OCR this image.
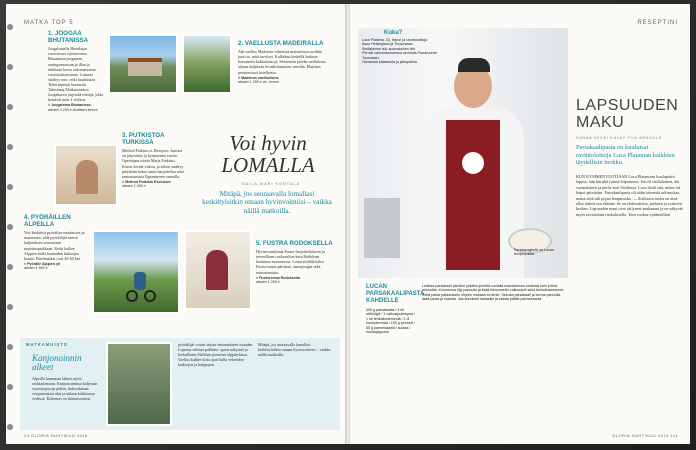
MATKA TOP 5
1. JOOGAA BHUTANISSA
Joogalomalla Himalajan vuoristossa sijaitsevassa Bhutanissa joogataan auringonnousun ja illan ja tutkitaan kuvia uskomattomia vuoristolmaisemia. Lomaan sisältyy mm. retki kuuluisaan Tiikerinpesän luostariin. Taktshang Matkatoimisto Joogakurssi järjestää reittejä, jotka kestävät noin 2 viikkoa.
> Joogaloma Bhutanissa
alkaen 3 250 e sisältäen lennot
2. VAELLUSTA MADEIRALLA
Alti-vaellus Madeiran vehreissä maisemissa on ehkä juuri se, mitä tarvitset. Kulkekaa keskellä laakson kasvaneita kukkaloistoja. Seitsemän päivän vaelluksen aikana kuljetaan levada-kanavien varrella. Majoitus perinteisissä hotelleissa.
> Madeiran vaellusloma
alkaen 1 295 e sis. lennot
3. PUTKISTOA TURKISSA
Method Putkisto ei Dionysos -kurssia on järjestetty jo kymmenen vuotta. Opettajana toimii Marja Putkisto. Kurssi kestää viikon, ja siihen sisältyy päivittäin kaksi tuntia harjoittelua sekä rentoutumista Egeanmeren rannalla.
> Method Putkisto Exclusive
alkaen 1 090 e
Voi hyvin LOMALLA
SAILA-MARI KONTALA
Mitäpä, jos seuraavalla lomallasi keskittyisitkin omaan hyvinvointiisi – vaikka näillä matkoilla.
4. PYÖRÄILLEN ALPEILLA
Voit keskittyä pyöräilyn nautintoon ja maisemiin, sillä pyöräilijät saavat kuljetuksen seuraavaan majoituspaikkaan. Reitti kulkee Alppien halki kauniiden laaksojen kautta. Päivämatkat ovat 40-60 km.
> Pyöräile Alppien yli
alkaen 1 690 e
5. FUSTRA RODOKSELLA
Hyvinvointiloma Fustra-harjoitteluineen ja terveellisen ruokavalion kera Rodoksen kauniissa maisemissa. Loma sisältää kaksi Fustra-tuntia päivässä, aamujoogaa sekä rentoutumista.
> Fustra-loma Rodoksella
alkaen 1 265 e
MATKAMUISTO
Kanjonoinnin alkeet
Alpeille kannattaa lähteä myös seikkailemaan. Kanjonoinnissa kuljetaan vuoristopuroja pitkin, laskeudutaan vesiputouksia alas ja uidaan kirkkaassa vedessä. Kokemus on ikimuistoinen.
pyöräilijät voivat taittaa ensimmäisen osuuden. Lopussa odottaa palkinto: upeat näkymät ja herkullinen illallinen pienessä alppikylässä. Vaellus kulkee koko ajan halki vehreiden laaksojen ja huippujen.
Mitäpä, jos seuraavalla lomallasi keskittyisitkin omaan hyvinvointiisi – vaikka näillä matkoilla.
24 GLORIA HUHTIKUU 2016
RESEPTINI
Kuka?
Luca Platania, 33, leipuri ja ravintoloitsija.
Asuu Helsingissä ja Tuusulassa.
Sisilialainen isä, suomalainen äiti.
Perusti vaimonsa kanssa ravintola Pizzaruumin Tuusulaan.
Harrastaa kalastusta ja jalkapalloa.
Parsaspaghetti on Lucan lempiruokaa.
LAPSUUDEN MAKU
SANNA KEKKI KUVAT PIIA ARNOULD
Parsakaalipasta on kuuluisat ravintoloitsija Luca Platanian kaikkien täydellisin herkku.
LUCAN PARSAKAALIPASTA KAHDELLE
400 g parsakaalia / 4 rkl oliiviöljyä / 1 valkosipulinkynsi / 1 rkl fenkolinsiemeniä / 1 dl kuohukermaa / 150 g penneä / 50 g parmesaania / suolaa / mustapippuria
Leikkaa parsakaali pieniksi paloiksi ja keitä suolalla maustetussa vedessä noin kolme minuuttia. Kuumenna öljy pannulla ja lisää hienonnettu valkosipuli sekä fenkolinsiemenet. Keitä pasta pakkauksen ohjeen mukaan al dente. Sekoita parsakaali ja kerma pannulla, lisää pasta ja mausta. Jaa annokset lautasille ja raasta päälle parmesaania.
KUN KYMMENVUOTIAAN Luca Plataniaan koulupäivä loppui, hän kiiruhti isänsä leipomoon. Isä oli sisilialainen, äiti suomalainen ja perhe asui Sisiliassa. Luca ihaili sitä, miten isä leipoi päivittäin. Parsakaalipasta oli äidin tekemää arkiruokaa, mutta siitä tuli pojan lempiruoka. — Sisiliassa ruoka on aina ollut tärkeä osa elämää. Se on yhdessäoloa, perheen ja ystävien kesken. Lapsuuden maut ovat säilyneet mukanani ja ne näkyvät myös ravintolani ruokalistalla. Teen ruokaa sydämelläni.
GLORIA HUHTIKUU 2016 111
